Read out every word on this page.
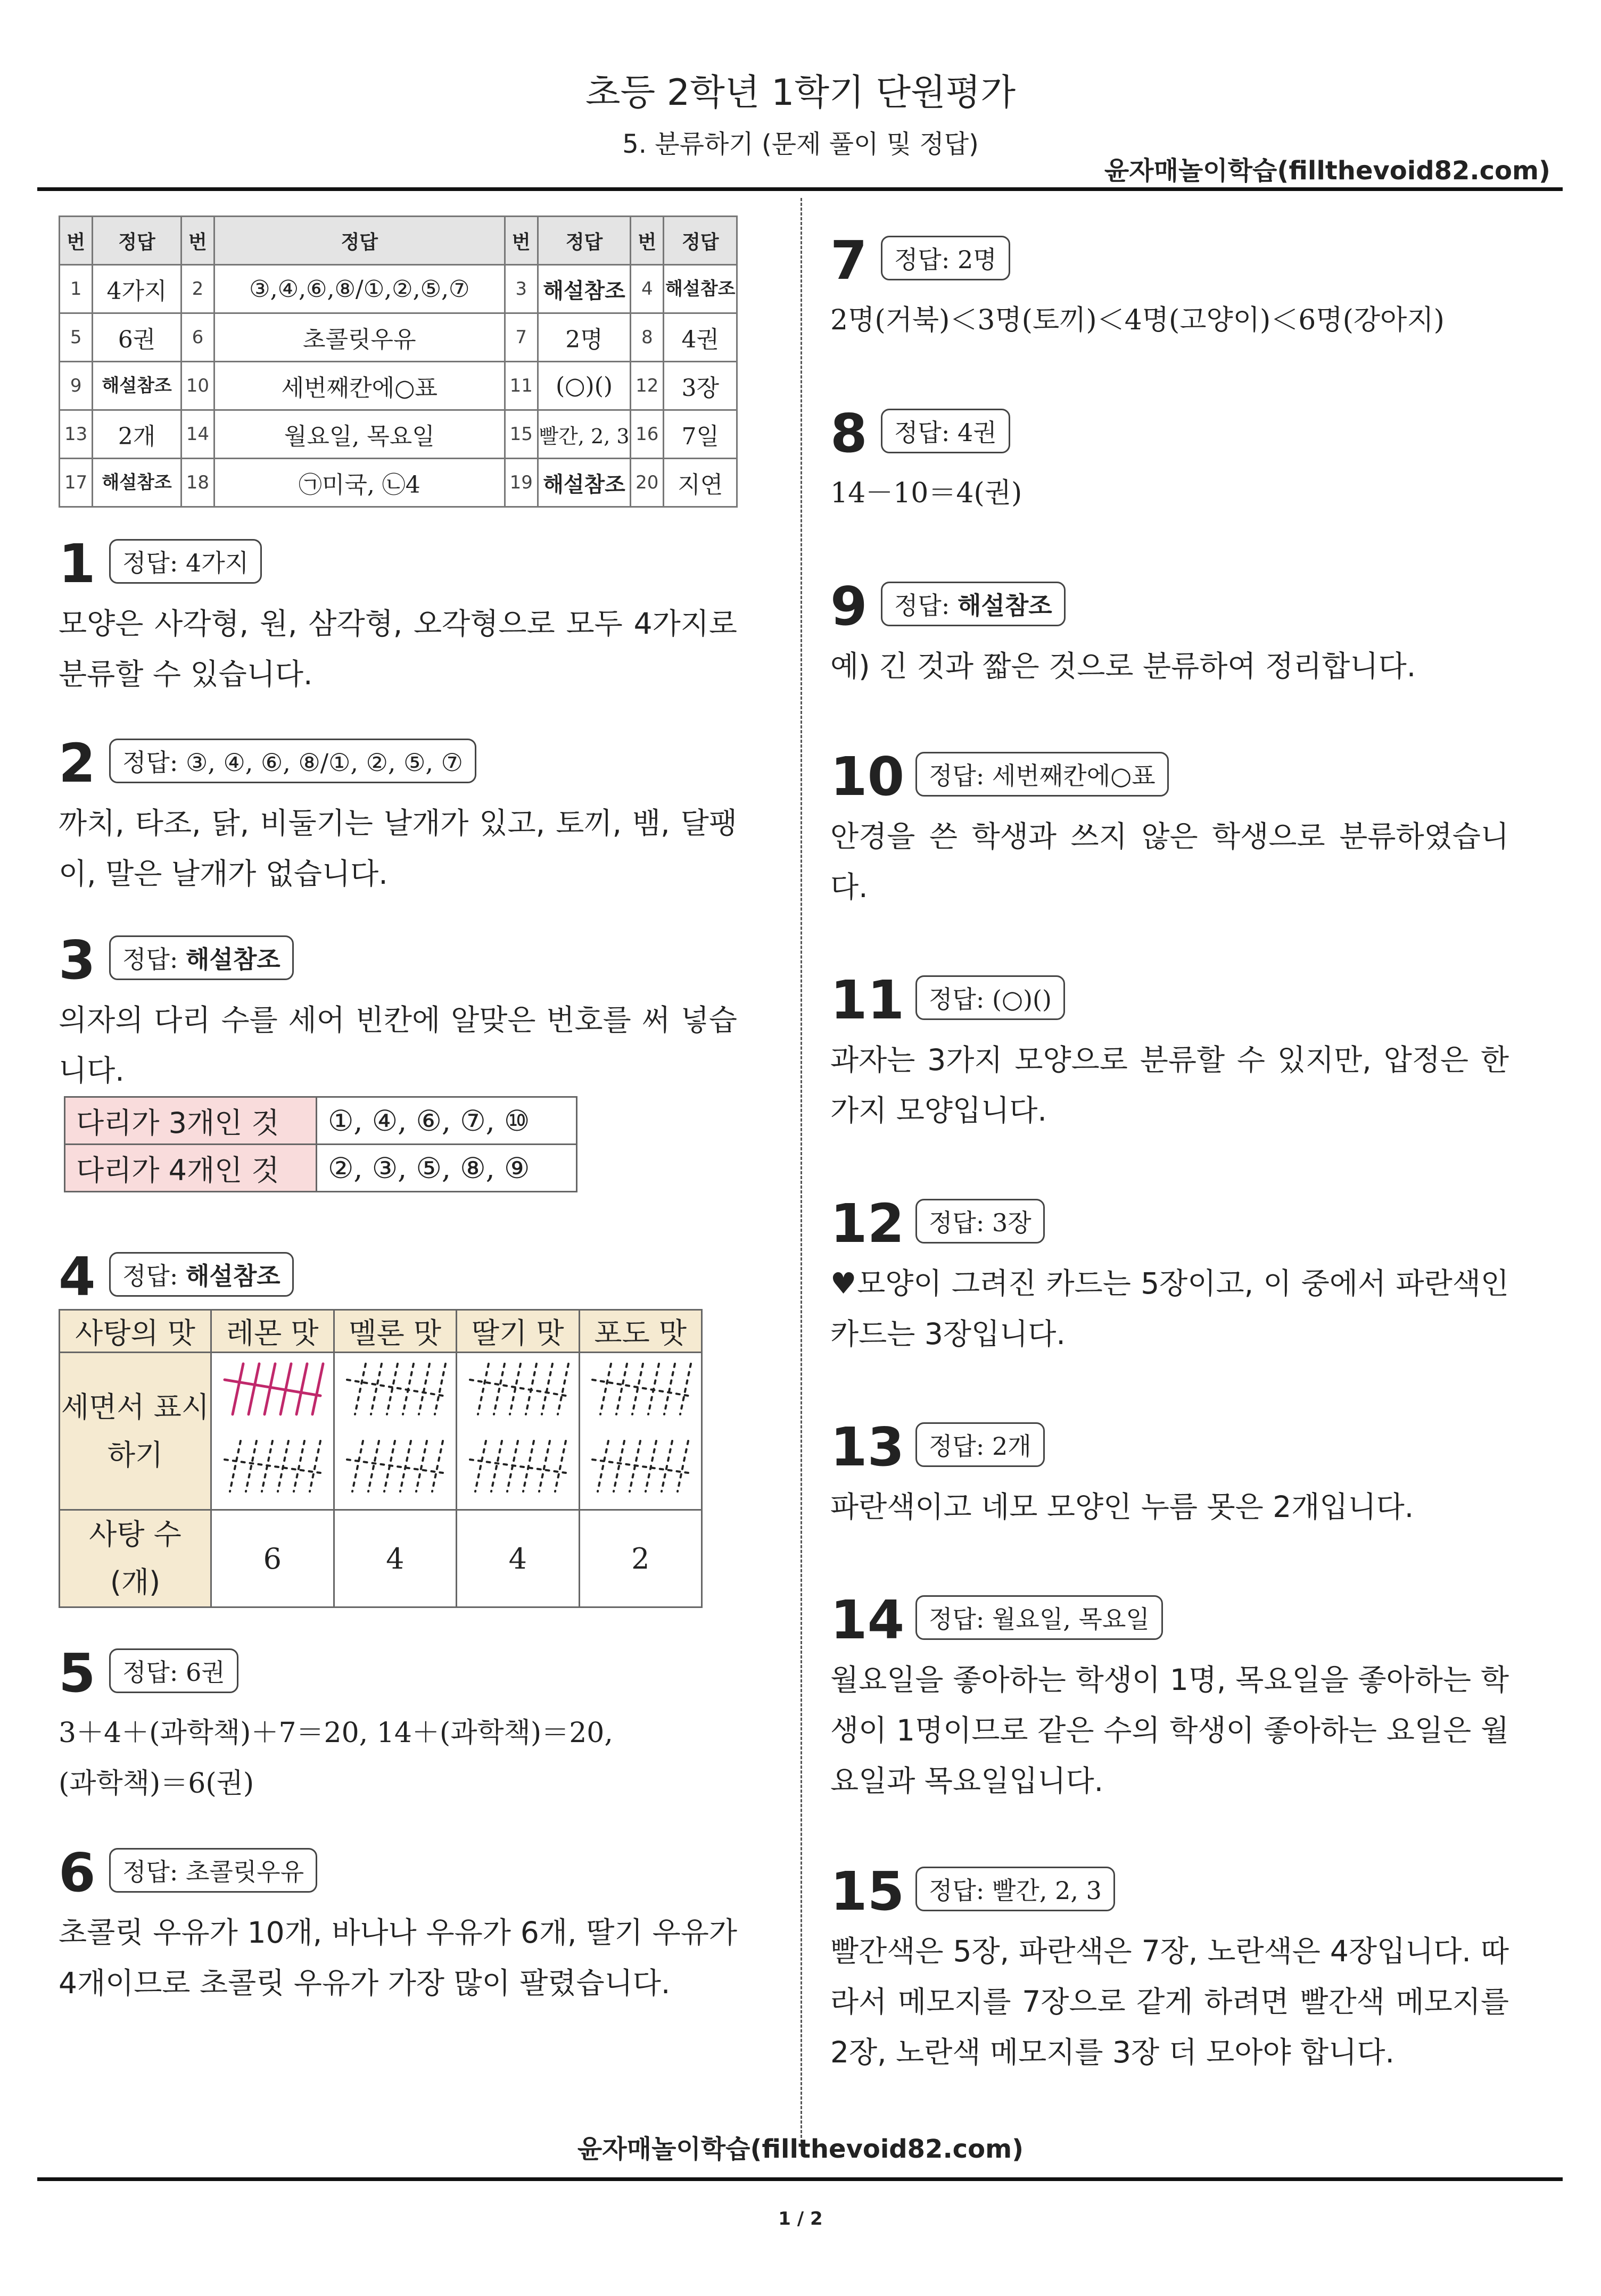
초등 2학년 1학기 단원평가
5. 분류하기 (문제 풀이 및 정답)
윤자매놀이학습(fillthevoid82.com)
번	정답	번	정답	번	정답	번	정답
1	4가지	2	③,④,⑥,⑧/①,②,⑤,⑦	3	해설참조	4	해설참조
5	6권	6	초콜릿우유	7	2명	8	4권
9	해설참조	10	세번째칸에○표	11	(○)()	12	3장
13	2개	14	월요일, 목요일	15	빨간, 2, 3	16	7일
17	해설참조	18	㉠미국, ㉡4	19	해설참조	20	지연
1	정답: 4가지
모양은 사각형, 원, 삼각형, 오각형으로 모두 4가지로 분류할 수 있습니다.
2	정답: ③, ④, ⑥, ⑧/①, ②, ⑤, ⑦
까치, 타조, 닭, 비둘기는 날개가 있고, 토끼, 뱀, 달팽이, 말은 날개가 없습니다.
3	정답: 해설참조
의자의 다리 수를 세어 빈칸에 알맞은 번호를 써 넣습니다.
다리가 3개인 것	①, ④, ⑥, ⑦, ⑩
다리가 4개인 것	②, ③, ⑤, ⑧, ⑨
4	정답: 해설참조
사탕의 맛	레몬 맛	멜론 맛	딸기 맛	포도 맛
세면서 표시하기				
사탕 수 (개)	6	4	4	2
5	정답: 6권
3＋4＋(과학책)＋7＝20, 14＋(과학책)＝20,
(과학책)＝6(권)
6	정답: 초콜릿우유
초콜릿 우유가 10개, 바나나 우유가 6개, 딸기 우유가 4개이므로 초콜릿 우유가 가장 많이 팔렸습니다.
7	정답: 2명
2명(거북)＜3명(토끼)＜4명(고양이)＜6명(강아지)
8	정답: 4권
14－10＝4(권)
9	정답: 해설참조
예) 긴 것과 짧은 것으로 분류하여 정리합니다.
10 정답: 세번째칸에○표
안경을 쓴 학생과 쓰지 않은 학생으로 분류하였습니다.
11 정답: (○)()
과자는 3가지 모양으로 분류할 수 있지만, 압정은 한 가지 모양입니다.
12 정답: 3장
♥모양이 그려진 카드는 5장이고, 이 중에서 파란색인 카드는 3장입니다.
13 정답: 2개
파란색이고 네모 모양인 누름 못은 2개입니다.
14 정답: 월요일, 목요일
월요일을 좋아하는 학생이 1명, 목요일을 좋아하는 학생이 1명이므로 같은 수의 학생이 좋아하는 요일은 월요일과 목요일입니다.
15 정답: 빨간, 2, 3
빨간색은 5장, 파란색은 7장, 노란색은 4장입니다. 따라서 메모지를 7장으로 같게 하려면 빨간색 메모지를 2장, 노란색 메모지를 3장 더 모아야 합니다.
윤자매놀이학습(fillthevoid82.com)
1 / 2
